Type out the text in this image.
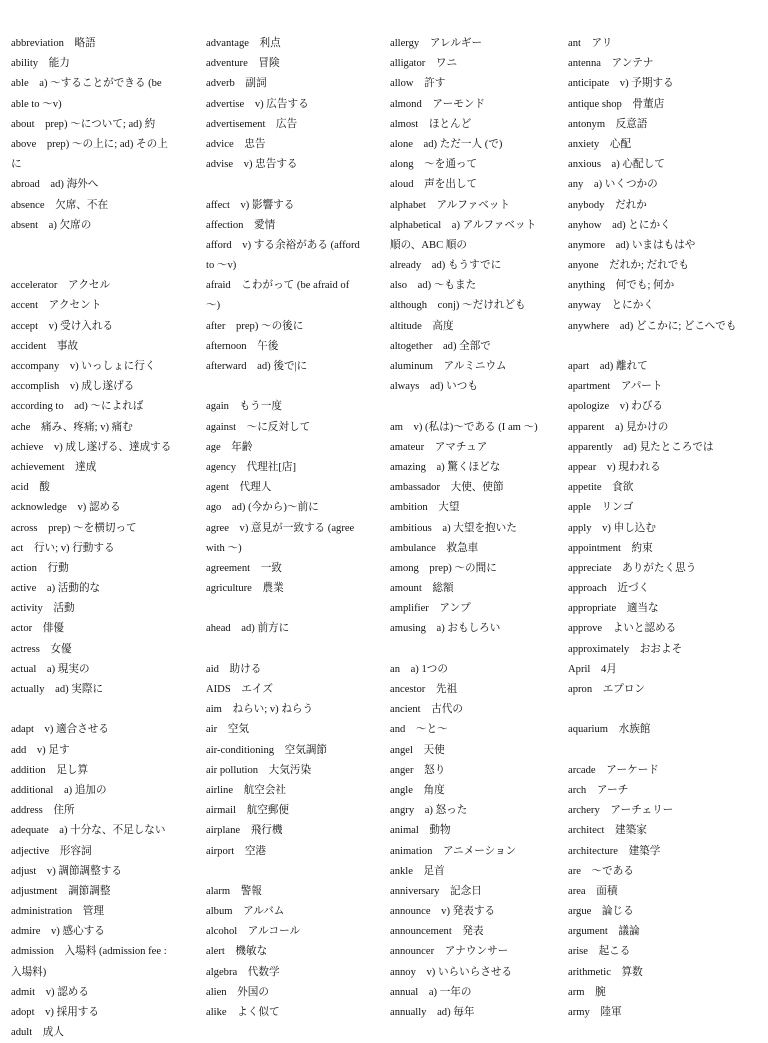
abbreviation　略語
ability　能力
able　a) ～することができる (be
able to ～v)
about　prep) ～について; ad) 約
above　prep) ～の上に; ad) その上
に
abroad　ad) 海外へ
absence　欠席、不在
absent　a) 欠席の
accelerator　アクセル
accent　アクセント
accept　v) 受け入れる
accident　事故
accompany　v) いっしょに行く
accomplish　v) 成し遂げる
according to　ad) ～によれば
ache　痛み、疼痛; v) 痛む
achieve　v) 成し遂げる、達成する
achievement　達成
acid　酸
acknowledge　v) 認める
across　prep) ～を横切って
act　行い; v) 行動する
action　行動
active　a) 活動的な
activity　活動
actor　俳優
actress　女優
actual　a) 現実の
actually　ad) 実際に
adapt　v) 適合させる
add　v) 足す
addition　足し算
additional　a) 追加の
address　住所
adequate　a) 十分な、不足しない
adjective　形容詞
adjust　v) 調節調整する
adjustment　調節調整
administration　管理
admire　v) 感心する
admission　入場料 (admission fee :
入場料)
admit　v) 認める
adopt　v) 採用する
adult　成人
advantage　利点
adventure　冒険
adverb　副詞
advertise　v) 広告する
advertisement　広告
advice　忠告
advise　v) 忠告する
affect　v) 影響する
affection　愛情
afford　v) する余裕がある (afford
to ～v)
afraid　こわがって (be afraid of
～)
after　prep) ～の後に
afternoon　午後
afterward　ad) 後で|に
again　もう一度
against　～に反対して
age　年齢
agency　代理社[店]
agent　代理人
ago　ad) (今から)～前に
agree　v) 意見が一致する (agree
with ～)
agreement　一致
agriculture　農業
ahead　ad) 前方に
aid　助ける
AIDS　エイズ
aim　ねらい; v) ねらう
air　空気
air-conditioning　空気調節
air pollution　大気汚染
airline　航空会社
airmail　航空郵便
airplane　飛行機
airport　空港
alarm　警報
album　アルバム
alcohol　アルコール
alert　機敏な
algebra　代数学
alien　外国の
alike　よく似て
allergy　アレルギー
alligator　ワニ
allow　許す
almond　アーモンド
almost　ほとんど
alone　ad) ただ一人 (で)
along　～を通って
aloud　声を出して
alphabet　アルファベット
alphabetical　a) アルファベット
順の、ABC 順の
already　ad) もうすでに
also　ad) ～もまた
although　conj) ～だけれども
altitude　高度
altogether　ad) 全部で
aluminum　アルミニウム
always　ad) いつも
am　v) (私は)～である (I am ～)
amateur　アマチュア
amazing　a) 驚くほどな
ambassador　大使、使節
ambition　大望
ambitious　a) 大望を抱いた
ambulance　救急車
among　prep) ～の間に
amount　総額
amplifier　アンプ
amusing　a) おもしろい
an　a) 1つの
ancestor　先祖
ancient　古代の
and　～と～
angel　天使
anger　怒り
angle　角度
angry　a) 怒った
animal　動物
animation　アニメーション
ankle　足首
anniversary　記念日
announce　v) 発表する
announcement　発表
announcer　アナウンサー
annoy　v) いらいらさせる
annual　a) 一年の
annually　ad) 毎年
ant　アリ
antenna　アンテナ
anticipate　v) 予期する
antique shop　骨董店
antonym　反意語
anxiety　心配
anxious　a) 心配して
any　a) いくつかの
anybody　だれか
anyhow　ad) とにかく
anymore　ad) いまはもはや
anyone　だれか; だれでも
anything　何でも; 何か
anyway　とにかく
anywhere　ad) どこかに; どこへでも
apart　ad) 離れて
apartment　アパート
apologize　v) わびる
apparent　a) 見かけの
apparently　ad) 見たところでは
appear　v) 現われる
appetite　食欲
apple　リンゴ
apply　v) 申し込む
appointment　約束
appreciate　ありがたく思う
approach　近づく
appropriate　適当な
approve　よいと認める
approximately　おおよそ
April　4月
apron　エプロン
aquarium　水族館
arcade　アーケード
arch　アーチ
archery　アーチェリー
architect　建築家
architecture　建築学
are　～である
area　面積
argue　論じる
argument　議論
arise　起こる
arithmetic　算数
arm　腕
army　陸軍
